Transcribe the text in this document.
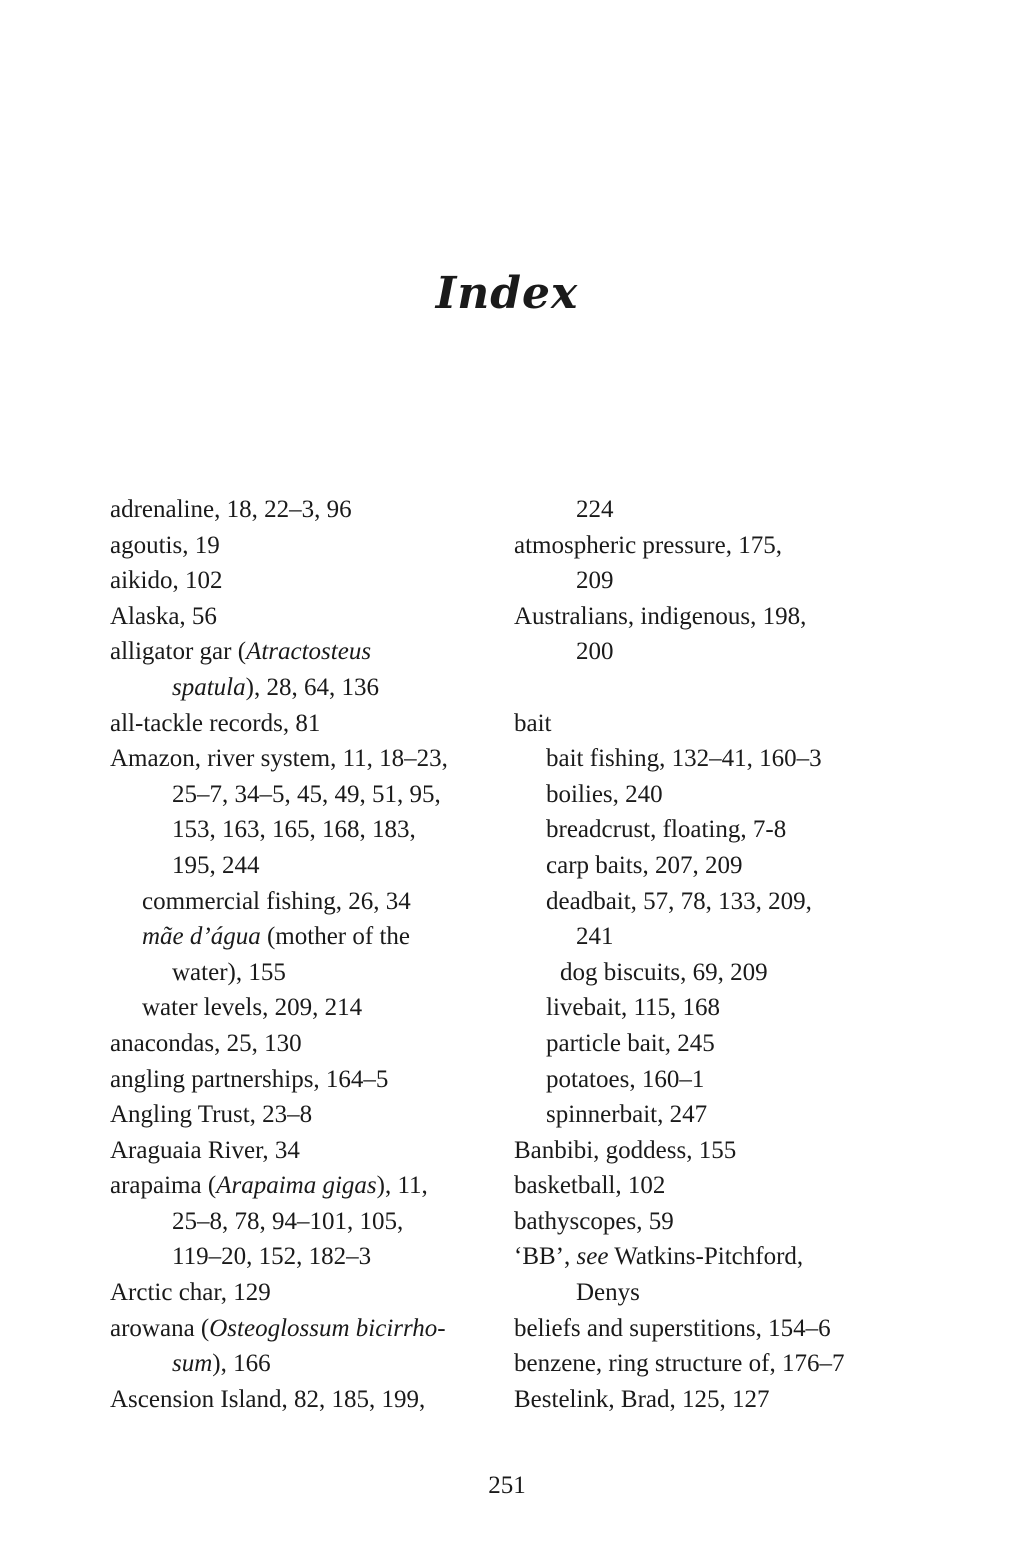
Index
adrenaline, 18, 22–3, 96
agoutis, 19
aikido, 102
Alaska, 56
alligator gar (Atractosteus
spatula), 28, 64, 136
all-tackle records, 81
Amazon, river system, 11, 18–23,
25–7, 34–5, 45, 49, 51, 95,
153, 163, 165, 168, 183,
195, 244
commercial fishing, 26, 34
mãe d’água (mother of the
water), 155
water levels, 209, 214
anacondas, 25, 130
angling partnerships, 164–5
Angling Trust, 23–8
Araguaia River, 34
arapaima (Arapaima gigas), 11,
25–8, 78, 94–101, 105,
119–20, 152, 182–3
Arctic char, 129
arowana (Osteoglossum bicirrho-
sum), 166
Ascension Island, 82, 185, 199,
224
atmospheric pressure, 175,
209
Australians, indigenous, 198,
200
bait
bait fishing, 132–41, 160–3
boilies, 240
breadcrust, floating, 7-8
carp baits, 207, 209
deadbait, 57, 78, 133, 209,
241
dog biscuits, 69, 209
livebait, 115, 168
particle bait, 245
potatoes, 160–1
spinnerbait, 247
Banbibi, goddess, 155
basketball, 102
bathyscopes, 59
‘BB’, see Watkins-Pitchford,
Denys
beliefs and superstitions, 154–6
benzene, ring structure of, 176–7
Bestelink, Brad, 125, 127
251
